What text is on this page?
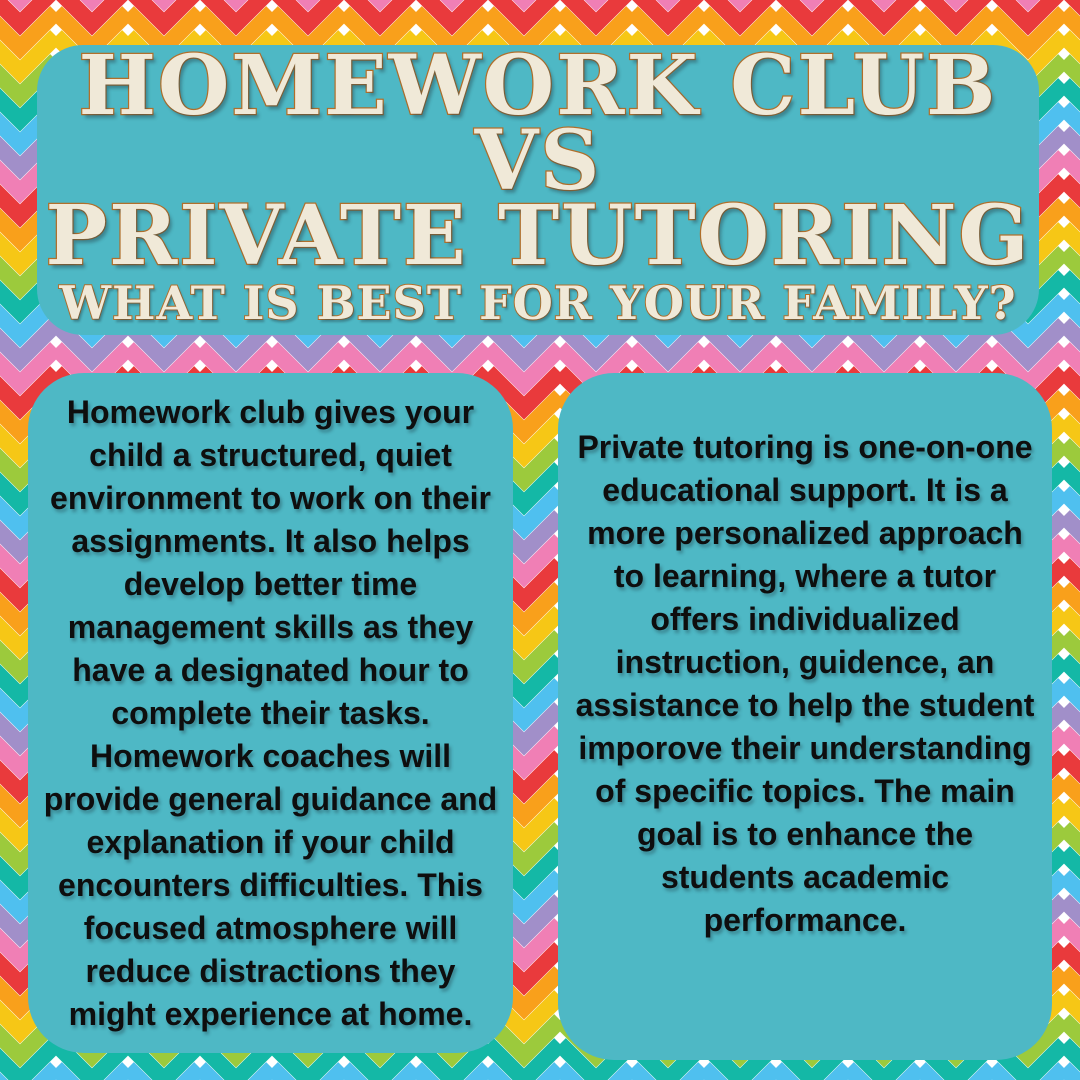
HOMEWORK CLUB
VS
PRIVATE TUTORING
WHAT IS BEST FOR YOUR FAMILY?

Homework club gives your child a structured, quiet environment to work on their assignments. It also helps develop better time management skills as they have a designated hour to complete their tasks. Homework coaches will provide general guidance and explanation if your child encounters difficulties. This focused atmosphere will reduce distractions they might experience at home.

Private tutoring is one-on-one educational support. It is a more personalized approach to learning, where a tutor offers individualized instruction, guidence, an assistance to help the student imporove their understanding of specific topics. The main goal is to enhance the students academic performance.
